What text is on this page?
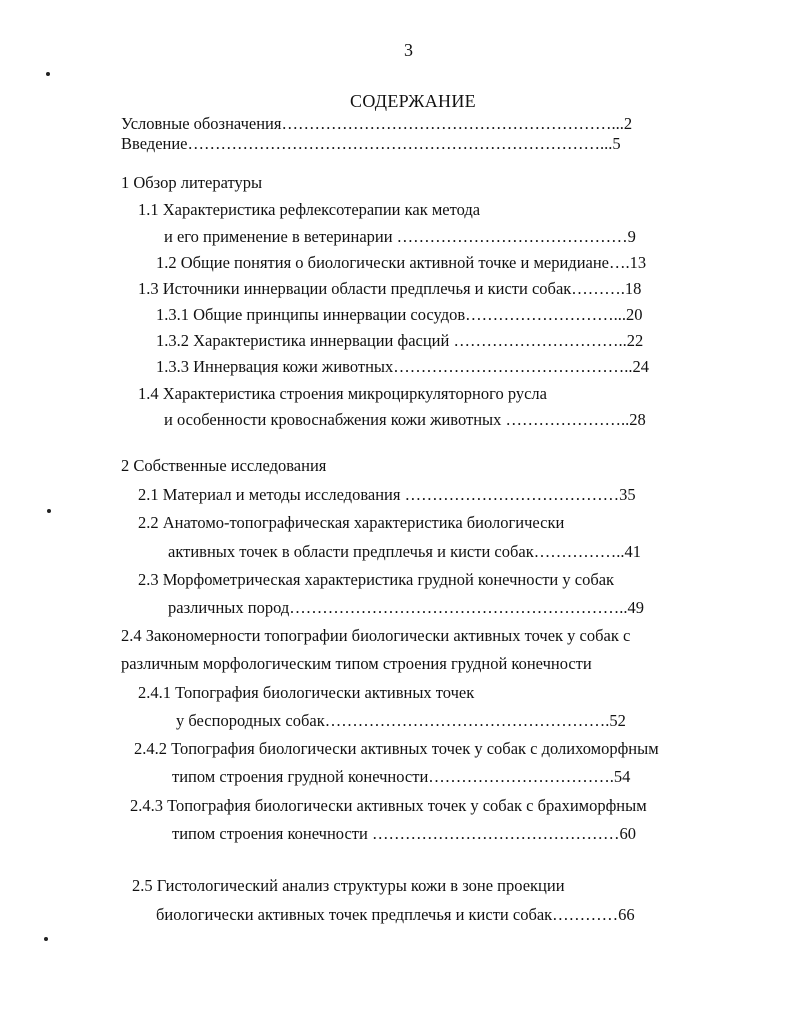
3
СОДЕРЖАНИЕ
Условные обозначения……………………………………………………...2
Введение…………………………………………………………………...5
1 Обзор литературы
1.1 Характеристика рефлексотерапии как метода
и его применение в ветеринарии ……………………………………9
1.2 Общие понятия о биологически активной точке и меридиане….13
1.3 Источники иннервации области предплечья и кисти собак……….18
1.3.1 Общие принципы иннервации сосудов………………………...20
1.3.2 Характеристика иннервации фасций …………………………..22
1.3.3 Иннервация кожи животных……………………………………..24
1.4 Характеристика строения микроциркуляторного русла
и особенности кровоснабжения кожи животных …………………..28
2 Собственные исследования
2.1 Материал и методы исследования …………………………………35
2.2 Анатомо-топографическая характеристика биологически
активных точек в области предплечья и кисти собак……………..41
2.3 Морфометрическая характеристика грудной конечности у собак
различных пород……………………………………………………..49
2.4 Закономерности топографии биологически активных точек у собак с
различным морфологическим типом строения грудной конечности
2.4.1 Топография биологически активных точек
у беспородных собак…………………………………………….52
2.4.2 Топография биологически активных точек у собак с долихоморфным
типом строения грудной конечности…………………………….54
2.4.3 Топография биологически активных точек у собак с брахиморфным
типом строения конечности ………………………………………60
2.5 Гистологический анализ структуры кожи в зоне проекции
биологически активных точек предплечья и кисти собак…………66
